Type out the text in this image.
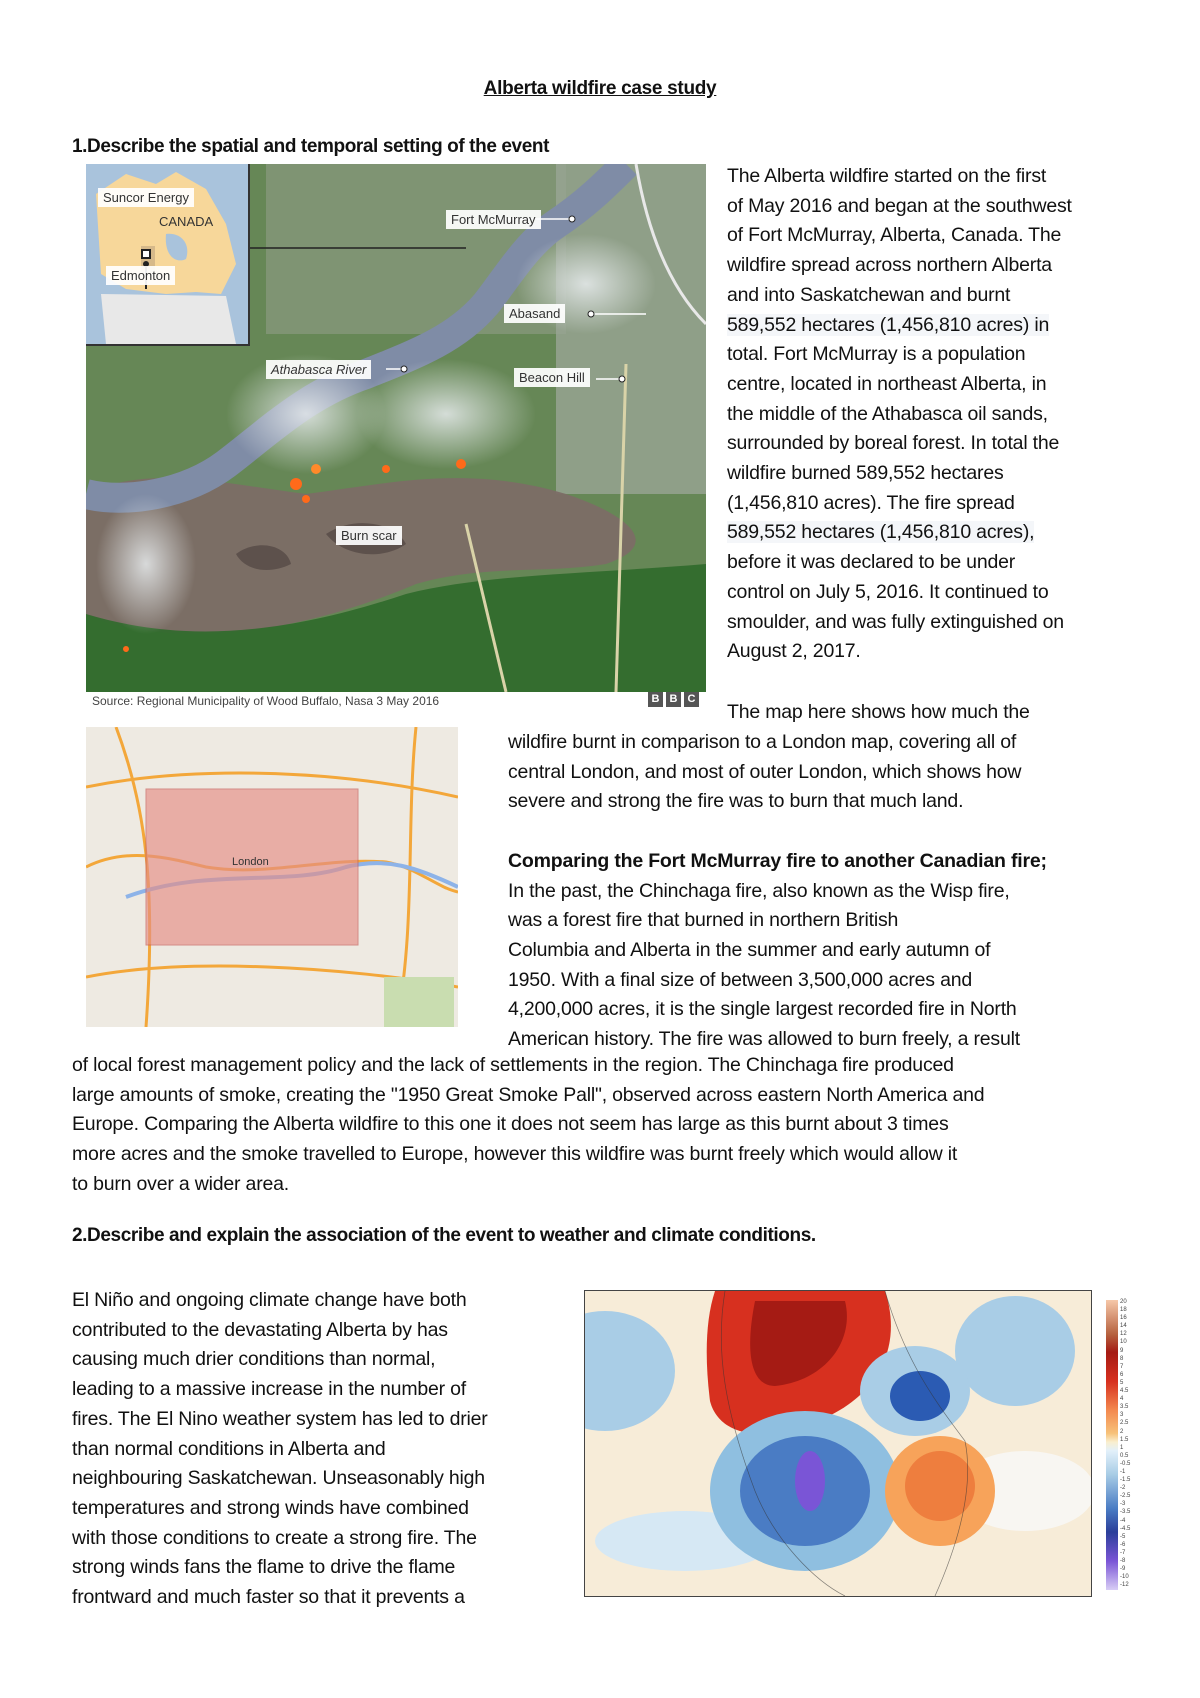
Alberta wildfire case study
1.Describe the spatial and temporal setting of the event
Suncor Energy
CANADA
Edmonton
Fort McMurray
Abasand
Athabasca River
Beacon Hill
Burn scar
Source: Regional Municipality of Wood Buffalo, Nasa 3 May 2016	B B C
The Alberta wildfire started on the first
of May 2016 and began at the southwest
of Fort McMurray, Alberta, Canada. The
wildfire spread across northern Alberta
and into Saskatchewan and burnt
589,552 hectares (1,456,810 acres) in
total. Fort McMurray is a population
centre, located in northeast Alberta, in
the middle of the Athabasca oil sands,
surrounded by boreal forest. In total the
wildfire burned 589,552 hectares
(1,456,810 acres). The fire spread
589,552 hectares (1,456,810 acres),
before it was declared to be under
control on July 5, 2016. It continued to
smoulder, and was fully extinguished on
August 2, 2017.
The map here shows how much the
wildfire burnt in comparison to a London map, covering all of
central London, and most of outer London, which shows how
severe and strong the fire was to burn that much land.
Comparing the Fort McMurray fire to another Canadian fire;
In the past, the Chinchaga fire, also known as the Wisp fire,
was a forest fire that burned in northern British
Columbia and Alberta in the summer and early autumn of
1950. With a final size of between 3,500,000 acres and
4,200,000 acres, it is the single largest recorded fire in North
American history. The fire was allowed to burn freely, a result
London
of local forest management policy and the lack of settlements in the region. The Chinchaga fire produced
large amounts of smoke, creating the "1950 Great Smoke Pall", observed across eastern North America and
Europe. Comparing the Alberta wildfire to this one it does not seem has large as this burnt about 3 times
more acres and the smoke travelled to Europe, however this wildfire was burnt freely which would allow it
to burn over a wider area.
2.Describe and explain the association of the event to weather and climate conditions.
El Niño and ongoing climate change have both
contributed to the devastating Alberta by has
causing much drier conditions than normal,
leading to a massive increase in the number of
fires. The El Nino weather system has led to drier
than normal conditions in Alberta and
neighbouring Saskatchewan. Unseasonably high
temperatures and strong winds have combined
with those conditions to create a strong fire. The
strong winds fans the flame to drive the flame
frontward and much faster so that it prevents a
20
18
16
14
12
10
9
8
7
6
5
4.5
4
3.5
3
2.5
2
1.5
1
0.5
-0.5
-1
-1.5
-2
-2.5
-3
-3.5
-4
-4.5
-5
-6
-7
-8
-9
-10
-12
